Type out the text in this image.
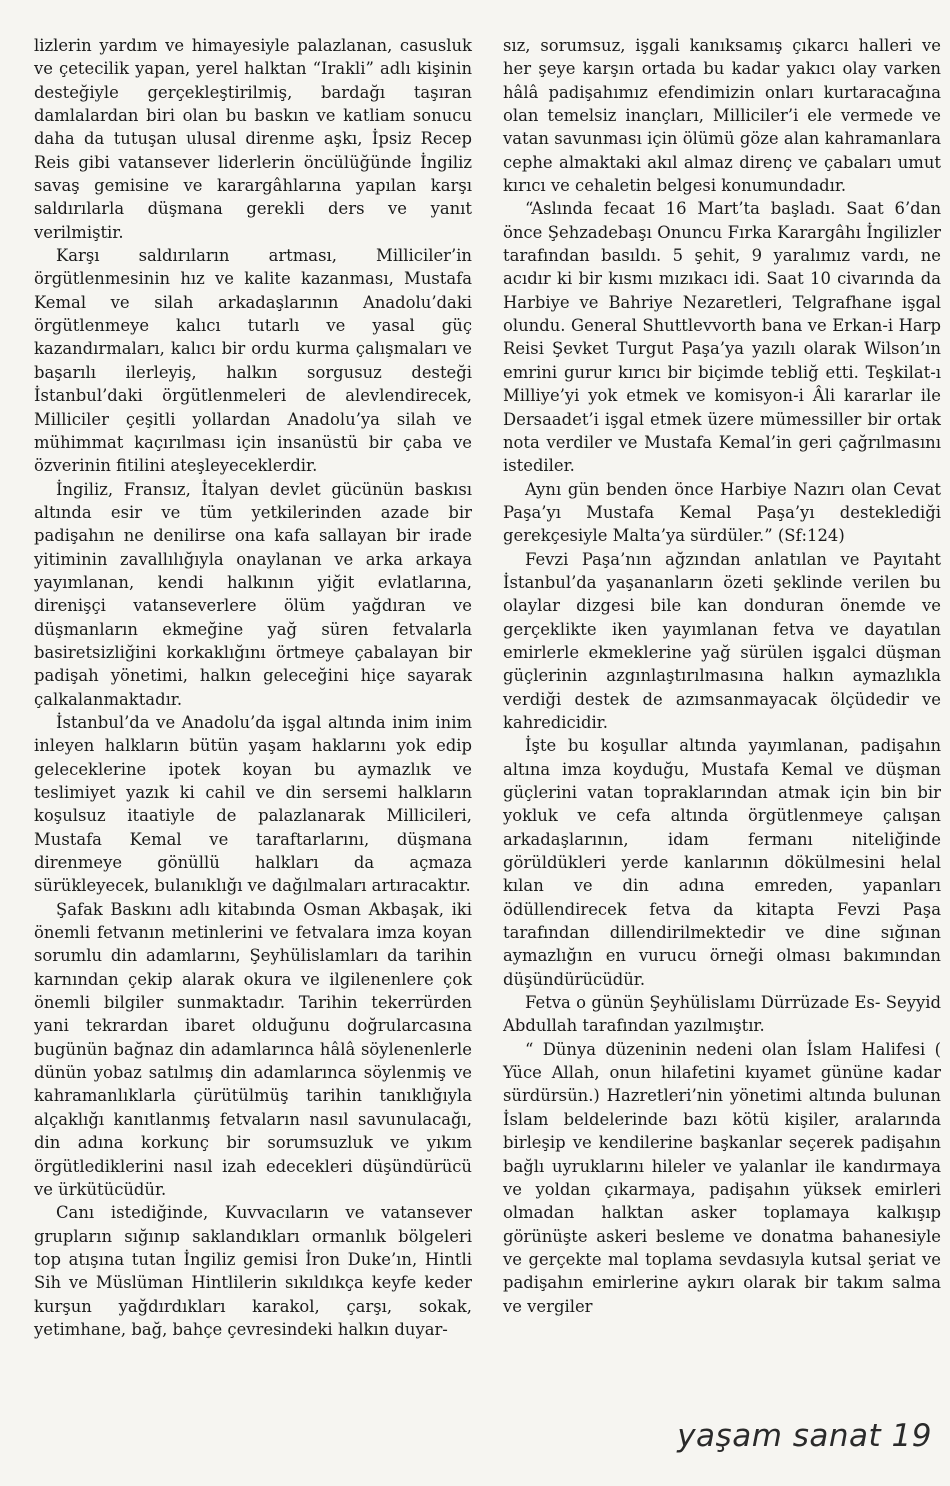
lizlerin yardım ve himayesiyle palazlanan, casusluk ve çetecilik yapan, yerel halktan “Irakli” adlı kişinin desteğiyle gerçekleştirilmiş, bardağı taşıran damlalardan biri olan bu baskın ve katliam sonucu daha da tutuşan ulusal direnme aşkı, İpsiz Recep Reis gibi vatansever liderlerin öncülüğünde İngiliz savaş gemisine ve karargâhlarına yapılan karşı saldırılarla düşmana gerekli ders ve yanıt verilmiştir.

Karşı saldırıların artması, Milliciler’in örgütlenmesinin hız ve kalite kazanması, Mustafa Kemal ve silah arkadaşlarının Anadolu’daki örgütlenmeye kalıcı tutarlı ve yasal güç kazandırmaları, kalıcı bir ordu kurma çalışmaları ve başarılı ilerleyiş, halkın sorgusuz desteği İstanbul’daki örgütlenmeleri de alevlendirecek, Milliciler çeşitli yollardan Anadolu’ya silah ve mühimmat kaçırılması için insanüstü bir çaba ve özverinin fitilini ateşleyeceklerdir.

İngiliz, Fransız, İtalyan devlet gücünün baskısı altında esir ve tüm yetkilerinden azade bir padişahın ne denilirse ona kafa sallayan bir irade yitiminin zavallılığıyla onaylanan ve arka arkaya yayımlanan, kendi halkının yiğit evlatlarına, direnişçi vatanseverlere ölüm yağdıran ve düşmanların ekmeğine yağ süren fetvalarla basiretsizliğini korkaklığını örtmeye çabalayan bir padişah yönetimi, halkın geleceğini hiçe sayarak çalkalanmaktadır.

İstanbul’da ve Anadolu’da işgal altında inim inim inleyen halkların bütün yaşam haklarını yok edip geleceklerine ipotek koyan bu aymazlık ve teslimiyet yazık ki cahil ve din sersemi halkların koşulsuz itaatiyle de palazlanarak Millicileri, Mustafa Kemal ve taraftarlarını, düşmana direnmeye gönüllü halkları da açmaza sürükleyecek, bulanıklığı ve dağılmaları artıracaktır.

Şafak Baskını adlı kitabında Osman Akbaşak, iki önemli fetvanın metinlerini ve fetvalara imza koyan sorumlu din adamlarını, Şeyhülislamları da tarihin karnından çekip alarak okura ve ilgilenenlere çok önemli bilgiler sunmaktadır. Tarihin tekerrürden yani tekrardan ibaret olduğunu doğrularcasına bugünün bağnaz din adamlarınca hâlâ söylenenlerle dünün yobaz satılmış din adamlarınca söylenmiş ve kahramanlıklarla çürütülmüş tarihin tanıklığıyla alçaklığı kanıtlanmış fetvaların nasıl savunulacağı, din adına korkunç bir sorumsuzluk ve yıkım örgütlediklerini nasıl izah edecekleri düşündürücü ve ürkütücüdür.

Canı istediğinde, Kuvvacıların ve vatansever grupların sığınıp saklandıkları ormanlık bölgeleri top atışına tutan İngiliz gemisi İron Duke’ın, Hintli Sih ve Müslüman Hintlilerin sıkıldıkça keyfe keder kurşun yağdırdıkları karakol, çarşı, sokak, yetimhane, bağ, bahçe çevresindeki halkın duyar-

sız, sorumsuz, işgali kanıksamış çıkarcı halleri ve her şeye karşın ortada bu kadar yakıcı olay varken hâlâ padişahımız efendimizin onları kurtaracağına olan temelsiz inançları, Milliciler’i ele vermede ve vatan savunması için ölümü göze alan kahramanlara cephe almaktaki akıl almaz direnç ve çabaları umut kırıcı ve cehaletin belgesi konumundadır.

“Aslında fecaat 16 Mart’ta başladı. Saat 6’dan önce Şehzadebaşı Onuncu Fırka Karargâhı İngilizler tarafından basıldı. 5 şehit, 9 yaralımız vardı, ne acıdır ki bir kısmı mızıkacı idi. Saat 10 civarında da Harbiye ve Bahriye Nezaretleri, Telgrafhane işgal olundu. General Shuttlevvorth bana ve Erkan-i Harp Reisi Şevket Turgut Paşa’ya yazılı olarak Wilson’ın emrini gurur kırıcı bir biçimde tebliğ etti. Teşkilat-ı Milliye’yi yok etmek ve komisyon-i Âli kararlar ile Dersaadet’i işgal etmek üzere mümessiller bir ortak nota verdiler ve Mustafa Kemal’in geri çağrılmasını istediler.

Aynı gün benden önce Harbiye Nazırı olan Cevat Paşa’yı Mustafa Kemal Paşa’yı desteklediği gerekçesiyle Malta’ya sürdüler.” (Sf:124)

Fevzi Paşa’nın ağzından anlatılan ve Payıtaht İstanbul’da yaşananların özeti şeklinde verilen bu olaylar dizgesi bile kan donduran önemde ve gerçeklikte iken yayımlanan fetva ve dayatılan emirlerle ekmeklerine yağ sürülen işgalci düşman güçlerinin azgınlaştırılmasına halkın aymazlıkla verdiği destek de azımsanmayacak ölçüdedir ve kahredicidir.

İşte bu koşullar altında yayımlanan, padişahın altına imza koyduğu, Mustafa Kemal ve düşman güçlerini vatan topraklarından atmak için bin bir yokluk ve cefa altında örgütlenmeye çalışan arkadaşlarının, idam fermanı niteliğinde görüldükleri yerde kanlarının dökülmesini helal kılan ve din adına emreden, yapanları ödüllendirecek fetva da kitapta Fevzi Paşa tarafından dillendirilmektedir ve dine sığınan aymazlığın en vurucu örneği olması bakımından düşündürücüdür.

Fetva o günün Şeyhülislamı Dürrüzade Es- Seyyid Abdullah tarafından yazılmıştır.

“ Dünya düzeninin nedeni olan İslam Halifesi ( Yüce Allah, onun hilafetini kıyamet gününe kadar sürdürsün.) Hazretleri’nin yönetimi altında bulunan İslam beldelerinde bazı kötü kişiler, aralarında birleşip ve kendilerine başkanlar seçerek padişahın bağlı uyruklarını hileler ve yalanlar ile kandırmaya ve yoldan çıkarmaya, padişahın yüksek emirleri olmadan halktan asker toplamaya kalkışıp görünüşte askeri besleme ve donatma bahanesiyle ve gerçekte mal toplama sevdasıyla kutsal şeriat ve padişahın emirlerine aykırı olarak bir takım salma ve vergiler

yaşam sanat 19
